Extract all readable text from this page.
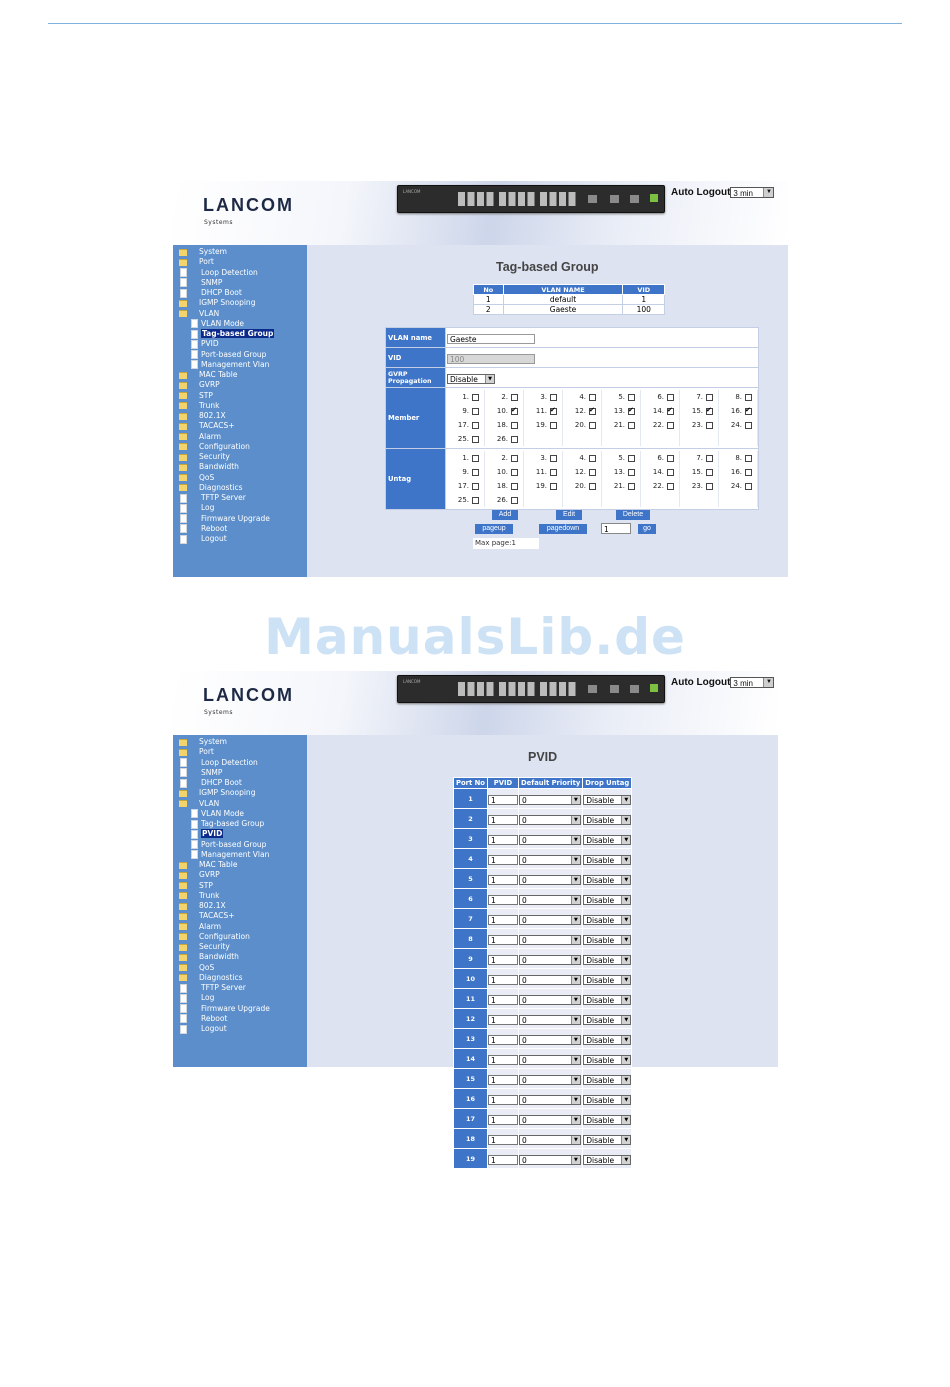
LANCOM
Systems
LANCOM	Auto Logout 3 min	▼
System
Port
Loop Detection
SNMP
DHCP Boot
IGMP Snooping
VLAN
VLAN Mode
Tag-based Group
PVID
Port-based Group
Management Vlan
MAC Table
GVRP
STP
Trunk
802.1X
TACACS+
Alarm
Configuration
Security
Bandwidth
QoS
Diagnostics
TFTP Server
Log
Firmware Upgrade
Reboot
Logout
Tag-based Group
No	VLAN NAME	VID
1	default	1
2	Gaeste	100
VLAN name	Gaeste
VID	100
GVRP Propagation	Disable	▼

Member	
1.	2.	3.	4.	5.	6.	7.	8.
9.	10.✔	11.✔	12.✔	13.✔	14.✔	15.✔	16.✔
17.	18.	19.	20.	21.	22.	23.	24.
25.	26.						

Untag	
1.	2.	3.	4.	5.	6.	7.	8.
9.	10.	11.	12.	13.	14.	15.	16.
17.	18.	19.	20.	21.	22.	23.	24.
25.	26.						
Add	Edit	Delete
pageup	pagedown	1	go
Max page:1
ManualsLib.de
LANCOM
Systems
LANCOM	Auto Logout 3 min	▼
System
Port
Loop Detection
SNMP
DHCP Boot
IGMP Snooping
VLAN
VLAN Mode
Tag-based Group
PVID
Port-based Group
Management Vlan
MAC Table
GVRP
STP
Trunk
802.1X
TACACS+
Alarm
Configuration
Security
Bandwidth
QoS
Diagnostics
TFTP Server
Log
Firmware Upgrade
Reboot
Logout
PVID
Port No	PVID	Default Priority	Drop Untag
1	1	0 ▼	Disable ▼

2	1	0 ▼	Disable ▼

3	1	0 ▼	Disable ▼

4	1	0 ▼	Disable ▼

5	1	0 ▼	Disable ▼

6	1	0 ▼	Disable ▼

7	1	0 ▼	Disable ▼

8	1	0 ▼	Disable ▼

9	1	0 ▼	Disable ▼

10	1	0 ▼	Disable ▼

11	1	0 ▼	Disable ▼

12	1	0 ▼	Disable ▼

13	1	0 ▼	Disable ▼

14	1	0 ▼	Disable ▼

15	1	0 ▼	Disable ▼

16	1	0 ▼	Disable ▼

17	1	0 ▼	Disable ▼

18	1	0 ▼	Disable ▼

19	1	0 ▼	Disable ▼
